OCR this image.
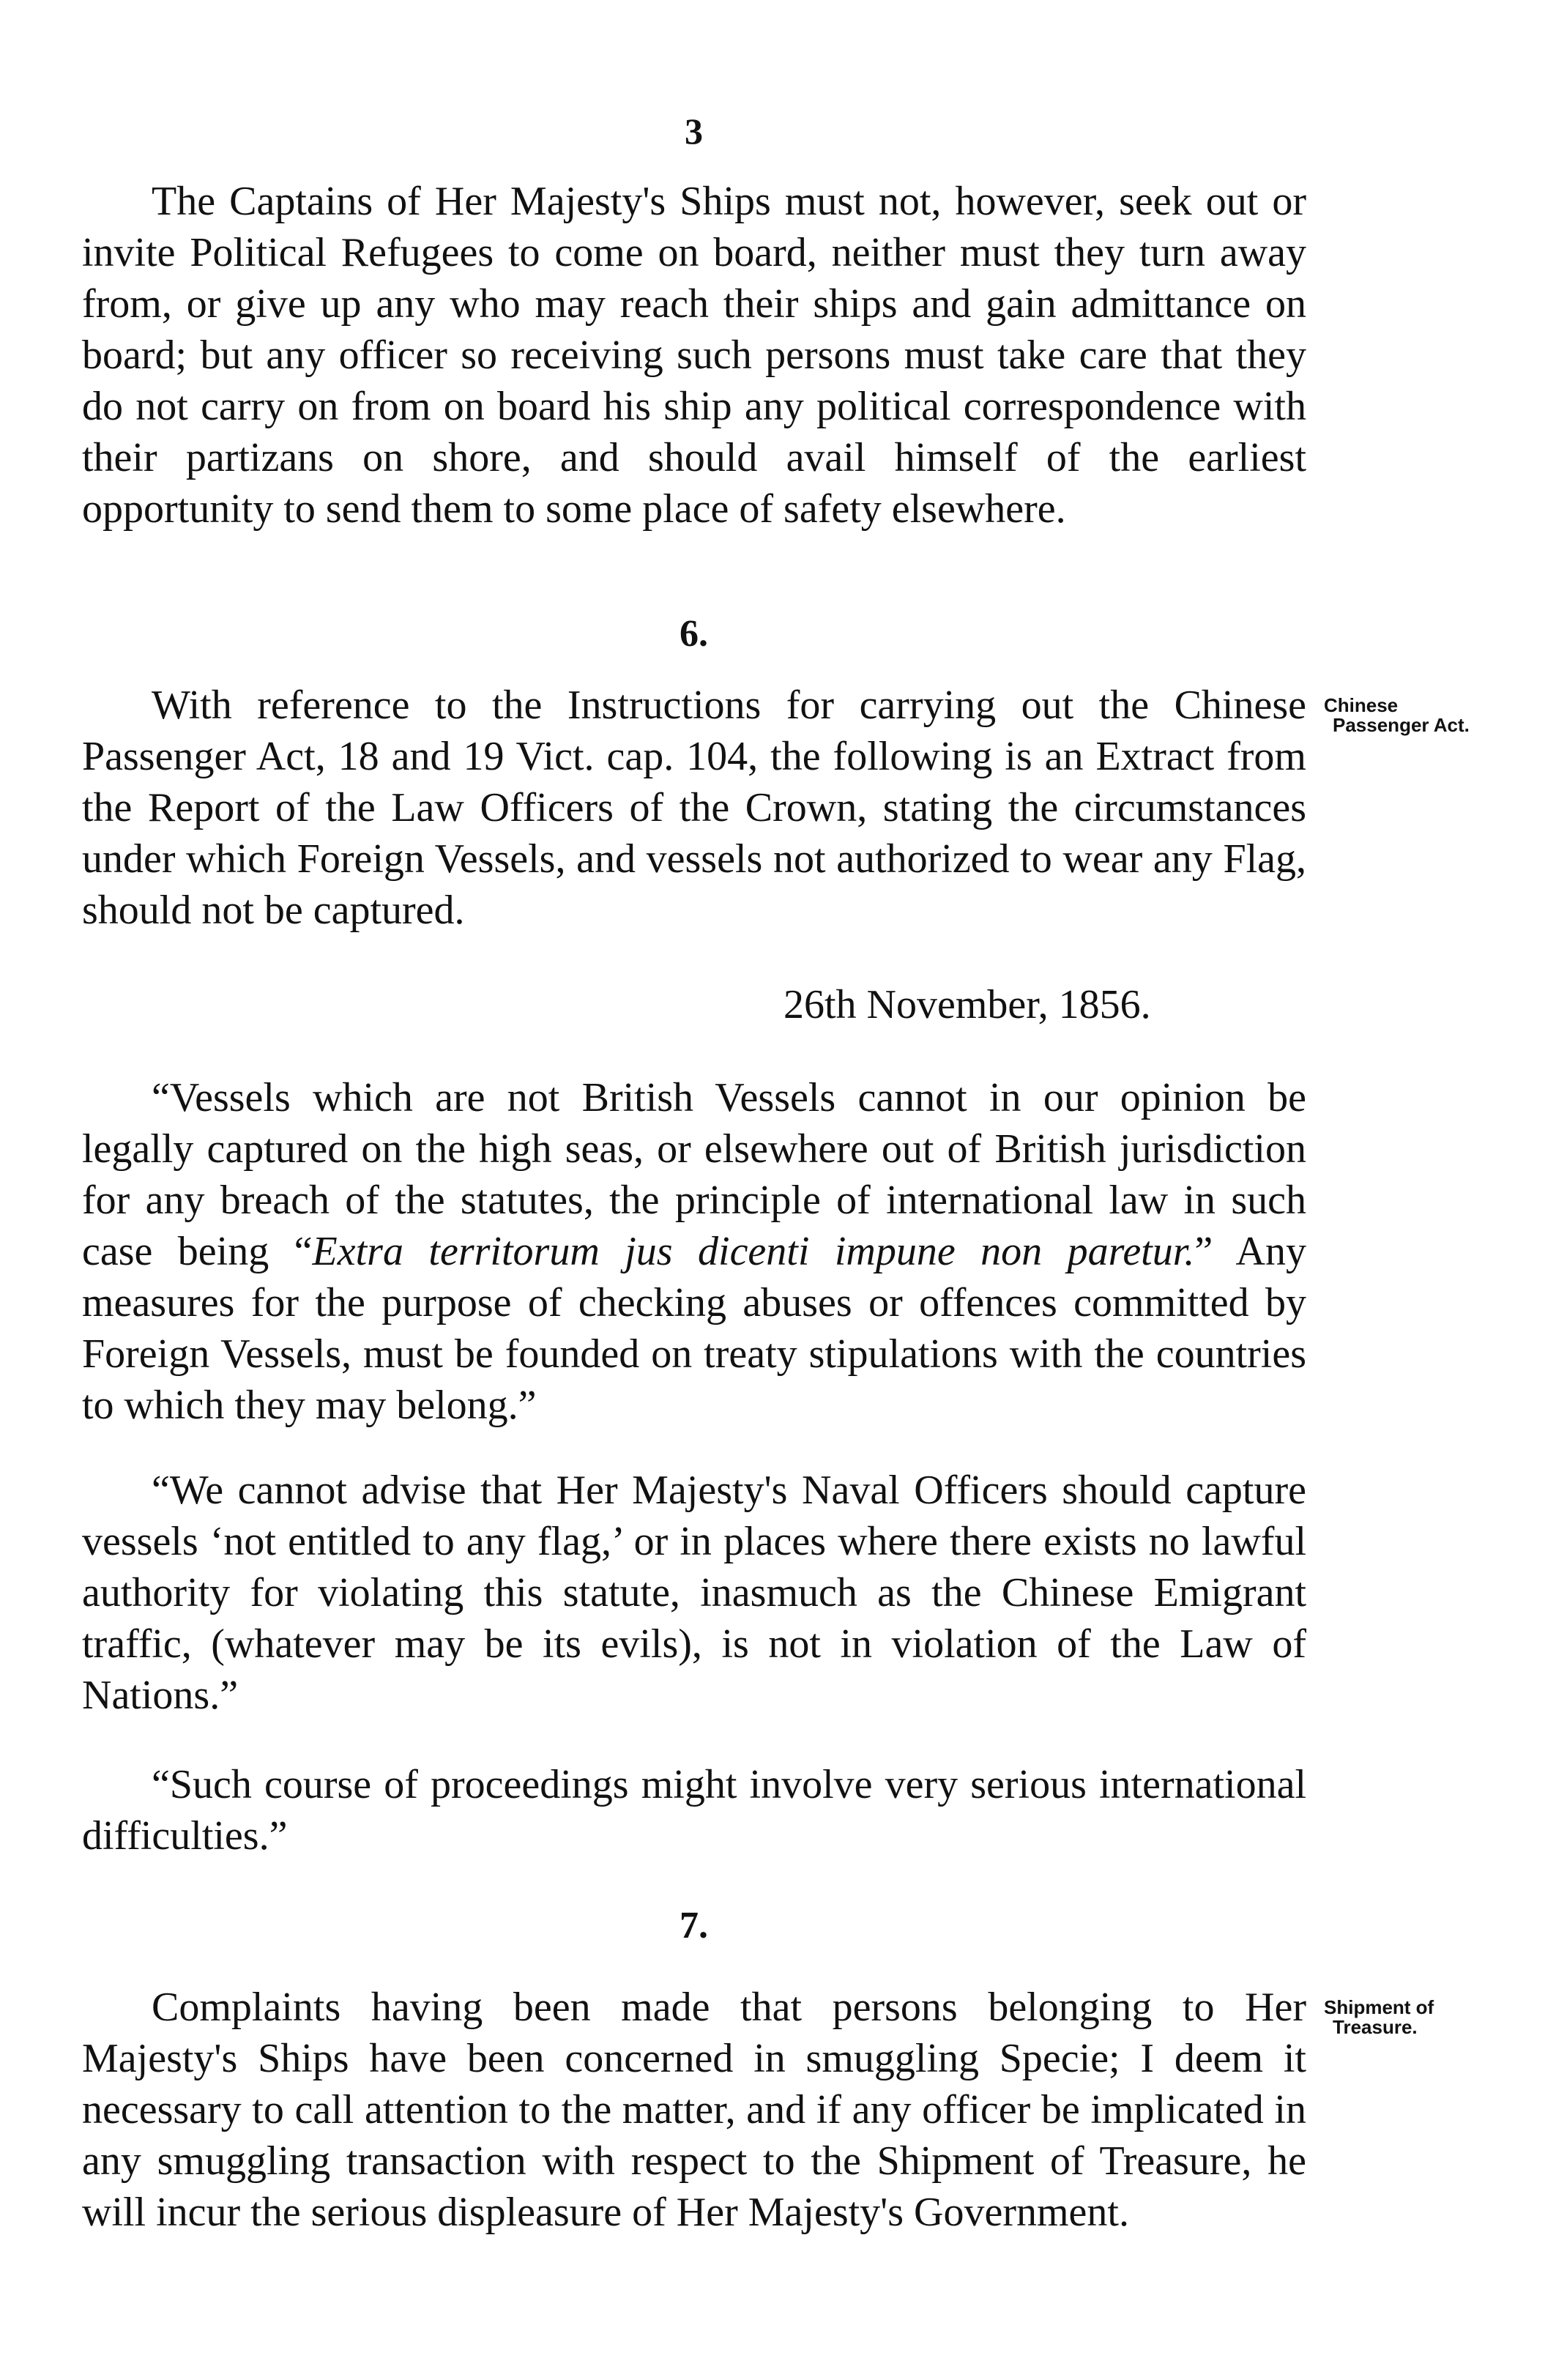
3

The Captains of Her Majesty's Ships must not, however, seek out or invite Political Refugees to come on board, neither must they turn away from, or give up any who may reach their ships and gain admittance on board; but any officer so receiving such persons must take care that they do not carry on from on board his ship any political correspondence with their partizans on shore, and should avail himself of the earliest opportunity to send them to some place of safety elsewhere.

6.
Chinese
Passenger Act.

With reference to the Instructions for carrying out the Chinese Passenger Act, 18 and 19 Vict. cap. 104, the following is an Extract from the Report of the Law Officers of the Crown, stating the circumstances under which Foreign Vessels, and vessels not authorized to wear any Flag, should not be captured.

26th November, 1856.

“Vessels which are not British Vessels cannot in our opinion be legally captured on the high seas, or elsewhere out of British jurisdiction for any breach of the statutes, the principle of international law in such case being “Extra territorum jus dicenti impune non paretur.” Any measures for the purpose of checking abuses or offences committed by Foreign Vessels, must be founded on treaty stipulations with the countries to which they may belong.”

“We cannot advise that Her Majesty's Naval Officers should capture vessels ‘not entitled to any flag,’ or in places where there exists no lawful authority for violating this statute, inasmuch as the Chinese Emigrant traffic, (whatever may be its evils), is not in violation of the Law of Nations.”

“Such course of proceedings might involve very serious international difficulties.”

7.
Shipment of
Treasure.

Complaints having been made that persons belonging to Her Majesty's Ships have been concerned in smuggling Specie; I deem it necessary to call attention to the matter, and if any officer be implicated in any smuggling transaction with respect to the Shipment of Treasure, he will incur the serious displeasure of Her Majesty's Government.
